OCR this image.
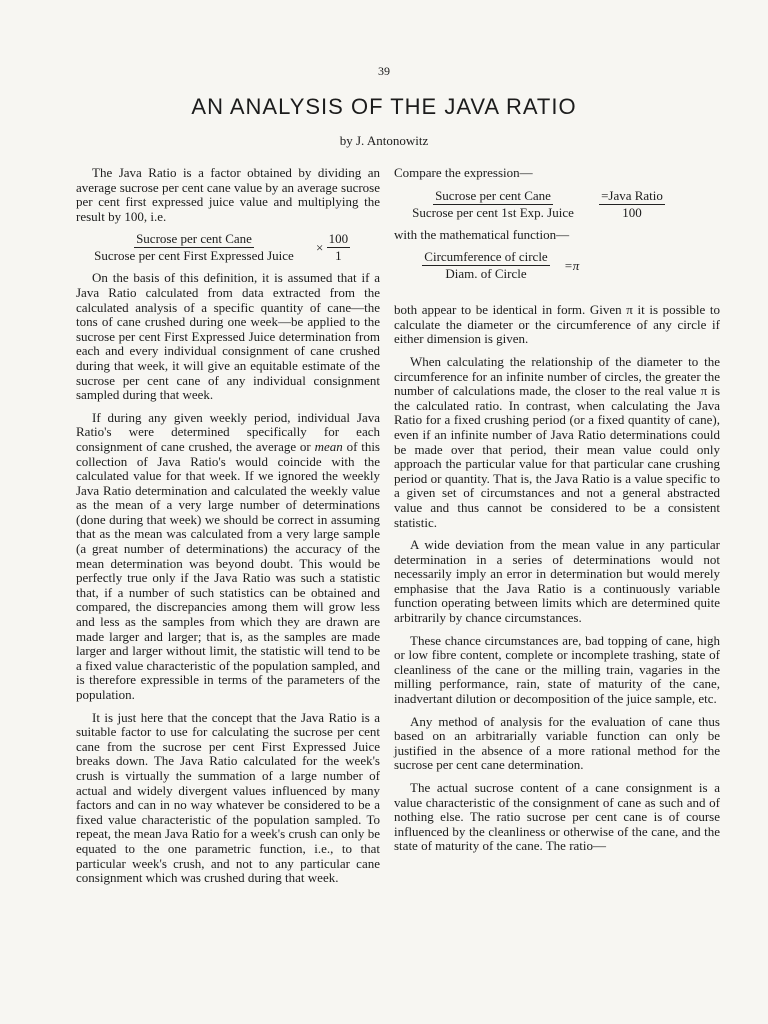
39
AN ANALYSIS OF THE JAVA RATIO
by J. Antonowitz

The Java Ratio is a factor obtained by dividing an average sucrose per cent cane value by an average sucrose per cent first expressed juice value and multiplying the result by 100, i.e.

$\frac{\text{Sucrose per cent Cane}}{\text{Sucrose per cent First Expressed Juice}} \times \frac{100}{1}$

On the basis of this definition, it is assumed that if a Java Ratio calculated from data extracted from the calculated analysis of a specific quantity of cane—the tons of cane crushed during one week—be applied to the sucrose per cent First Expressed Juice determination from each and every individual consignment of cane crushed during that week, it will give an equitable estimate of the sucrose per cent cane of any individual consignment sampled during that week.

If during any given weekly period, individual Java Ratio's were determined specifically for each consignment of cane crushed, the average or mean of this collection of Java Ratio's would coincide with the calculated value for that week. If we ignored the weekly Java Ratio determination and calculated the weekly value as the mean of a very large number of determinations (done during that week) we should be correct in assuming that as the mean was calculated from a very large sample (a great number of determinations) the accuracy of the mean determination was beyond doubt. This would be perfectly true only if the Java Ratio was such a statistic that, if a number of such statistics can be obtained and compared, the discrepancies among them will grow less and less as the samples from which they are drawn are made larger and larger; that is, as the samples are made larger and larger without limit, the statistic will tend to be a fixed value characteristic of the population sampled, and is therefore expressible in terms of the parameters of the population.

It is just here that the concept that the Java Ratio is a suitable factor to use for calculating the sucrose per cent cane from the sucrose per cent First Expressed Juice breaks down. The Java Ratio calculated for the week's crush is virtually the summation of a large number of actual and widely divergent values influenced by many factors and can in no way whatever be considered to be a fixed value characteristic of the population sampled. To repeat, the mean Java Ratio for a week's crush can only be equated to the one parametric function, i.e., to that particular week's crush, and not to any particular cane consignment which was crushed during that week.

Compare the expression—

$\frac{\text{Sucrose per cent Cane}}{\text{Sucrose per cent 1st Exp. Juice}} \frac{\text{=Java Ratio}}{100}$

with the mathematical function—

$\frac{\text{Circumference of circle}}{\text{Diam. of Circle}} =\pi$

both appear to be identical in form. Given π it is possible to calculate the diameter or the circumference of any circle if either dimension is given.

When calculating the relationship of the diameter to the circumference for an infinite number of circles, the greater the number of calculations made, the closer to the real value π is the calculated ratio. In contrast, when calculating the Java Ratio for a fixed crushing period (or a fixed quantity of cane), even if an infinite number of Java Ratio determinations could be made over that period, their mean value could only approach the particular value for that particular cane crushing period or quantity. That is, the Java Ratio is a value specific to a given set of circumstances and not a general abstracted value and thus cannot be considered to be a consistent statistic.

A wide deviation from the mean value in any particular determination in a series of determinations would not necessarily imply an error in determination but would merely emphasise that the Java Ratio is a continuously variable function operating between limits which are determined quite arbitrarily by chance circumstances.

These chance circumstances are, bad topping of cane, high or low fibre content, complete or incomplete trashing, state of cleanliness of the cane or the milling train, vagaries in the milling performance, rain, state of maturity of the cane, inadvertant dilution or decomposition of the juice sample, etc.

Any method of analysis for the evaluation of cane thus based on an arbitrarially variable function can only be justified in the absence of a more rational method for the sucrose per cent cane determination.

The actual sucrose content of a cane consignment is a value characteristic of the consignment of cane as such and of nothing else. The ratio sucrose per cent cane is of course influenced by the cleanliness or otherwise of the cane, and the state of maturity of the cane. The ratio—
